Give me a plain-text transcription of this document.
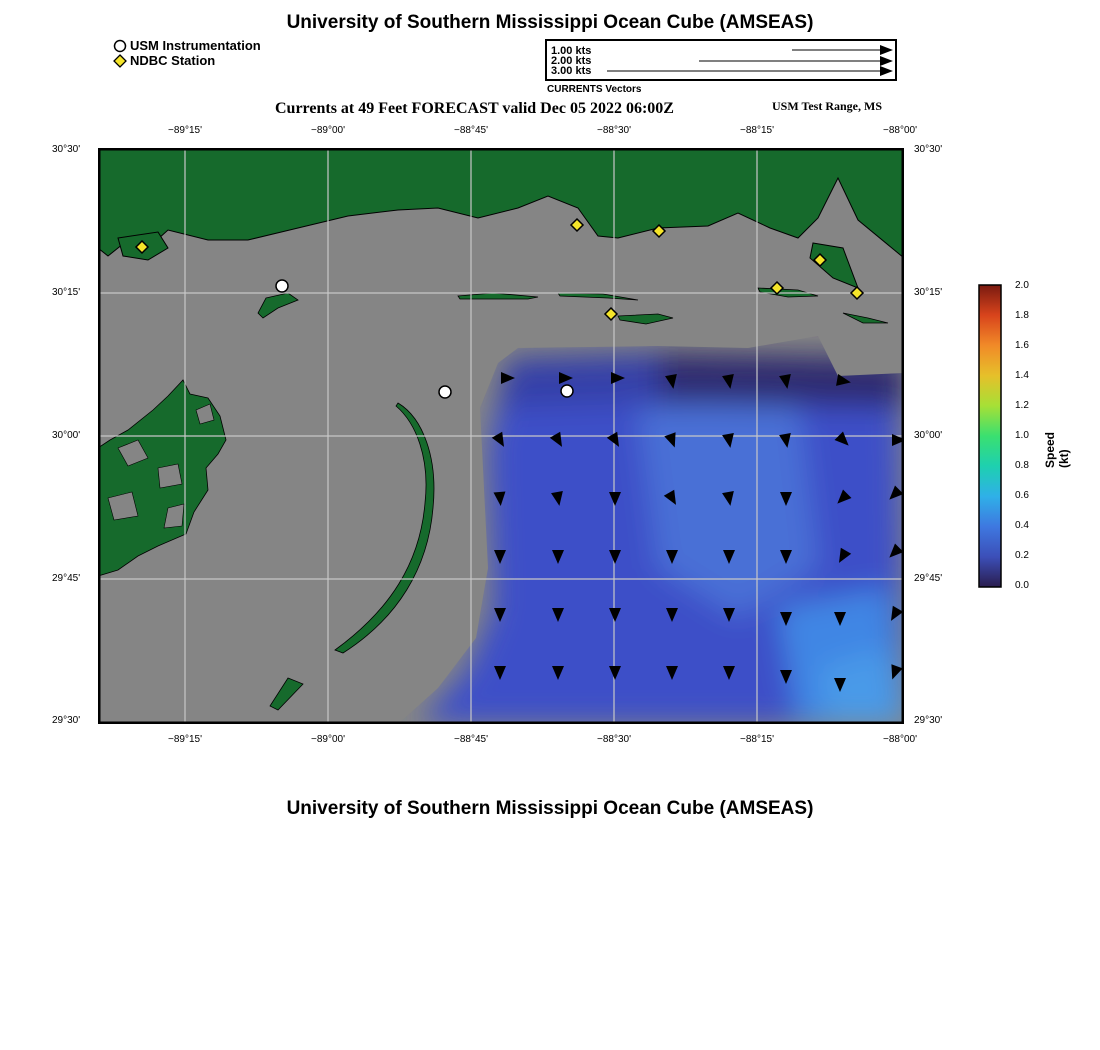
University of Southern Mississippi Ocean Cube (AMSEAS)
USM Instrumentation
NDBC Station
1.00 kts
2.00 kts
3.00 kts
CURRENTS Vectors
Currents at 49 Feet FORECAST valid Dec 05 2022 06:00Z	USM Test Range, MS
−89°15'	−89°00'	−88°45'	−88°30'	−88°15'	−88°00'
−89°15'	−89°00'	−88°45'	−88°30'	−88°15'	−88°00'
30°30'
30°15'
30°00'
29°45'
29°30'
30°30'
30°15'
30°00'
29°45'
29°30'
2.0
1.8
1.6
1.4
1.2
1.0
0.8
0.6
0.4
0.2
0.0
Speed (kt)
University of Southern Mississippi Ocean Cube (AMSEAS)
